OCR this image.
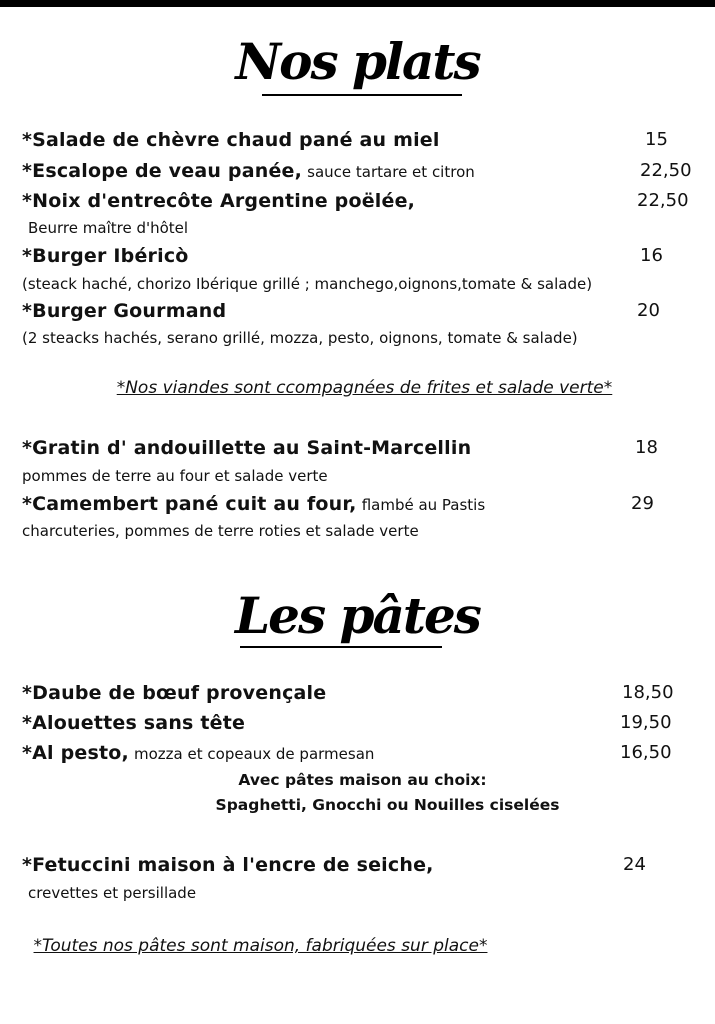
Nos plats
*Salade de chèvre chaud pané au miel	15
*Escalope de veau panée, sauce tartare et citron	22,50
*Noix d'entrecôte Argentine poëlée,	22,50
Beurre maître d'hôtel
*Burger Ibéricò	16
(steack haché, chorizo Ibérique grillé ; manchego,oignons,tomate & salade)
*Burger Gourmand	20
(2 steacks hachés, serano grillé, mozza, pesto, oignons, tomate & salade)
*Nos viandes sont ccompagnées de frites et salade verte*
*Gratin d' andouillette au Saint-Marcellin	18
pommes de terre au four et salade verte
*Camembert pané cuit au four, flambé au Pastis	29
charcuteries, pommes de terre roties et salade verte
Les pâtes
*Daube de bœuf provençale	18,50
*Alouettes sans tête	19,50
*Al pesto, mozza et copeaux de parmesan	16,50
Avec pâtes maison au choix:
Spaghetti, Gnocchi ou Nouilles ciselées
*Fetuccini maison à l'encre de seiche,	24
crevettes et persillade
*Toutes nos pâtes sont maison, fabriquées sur place*
